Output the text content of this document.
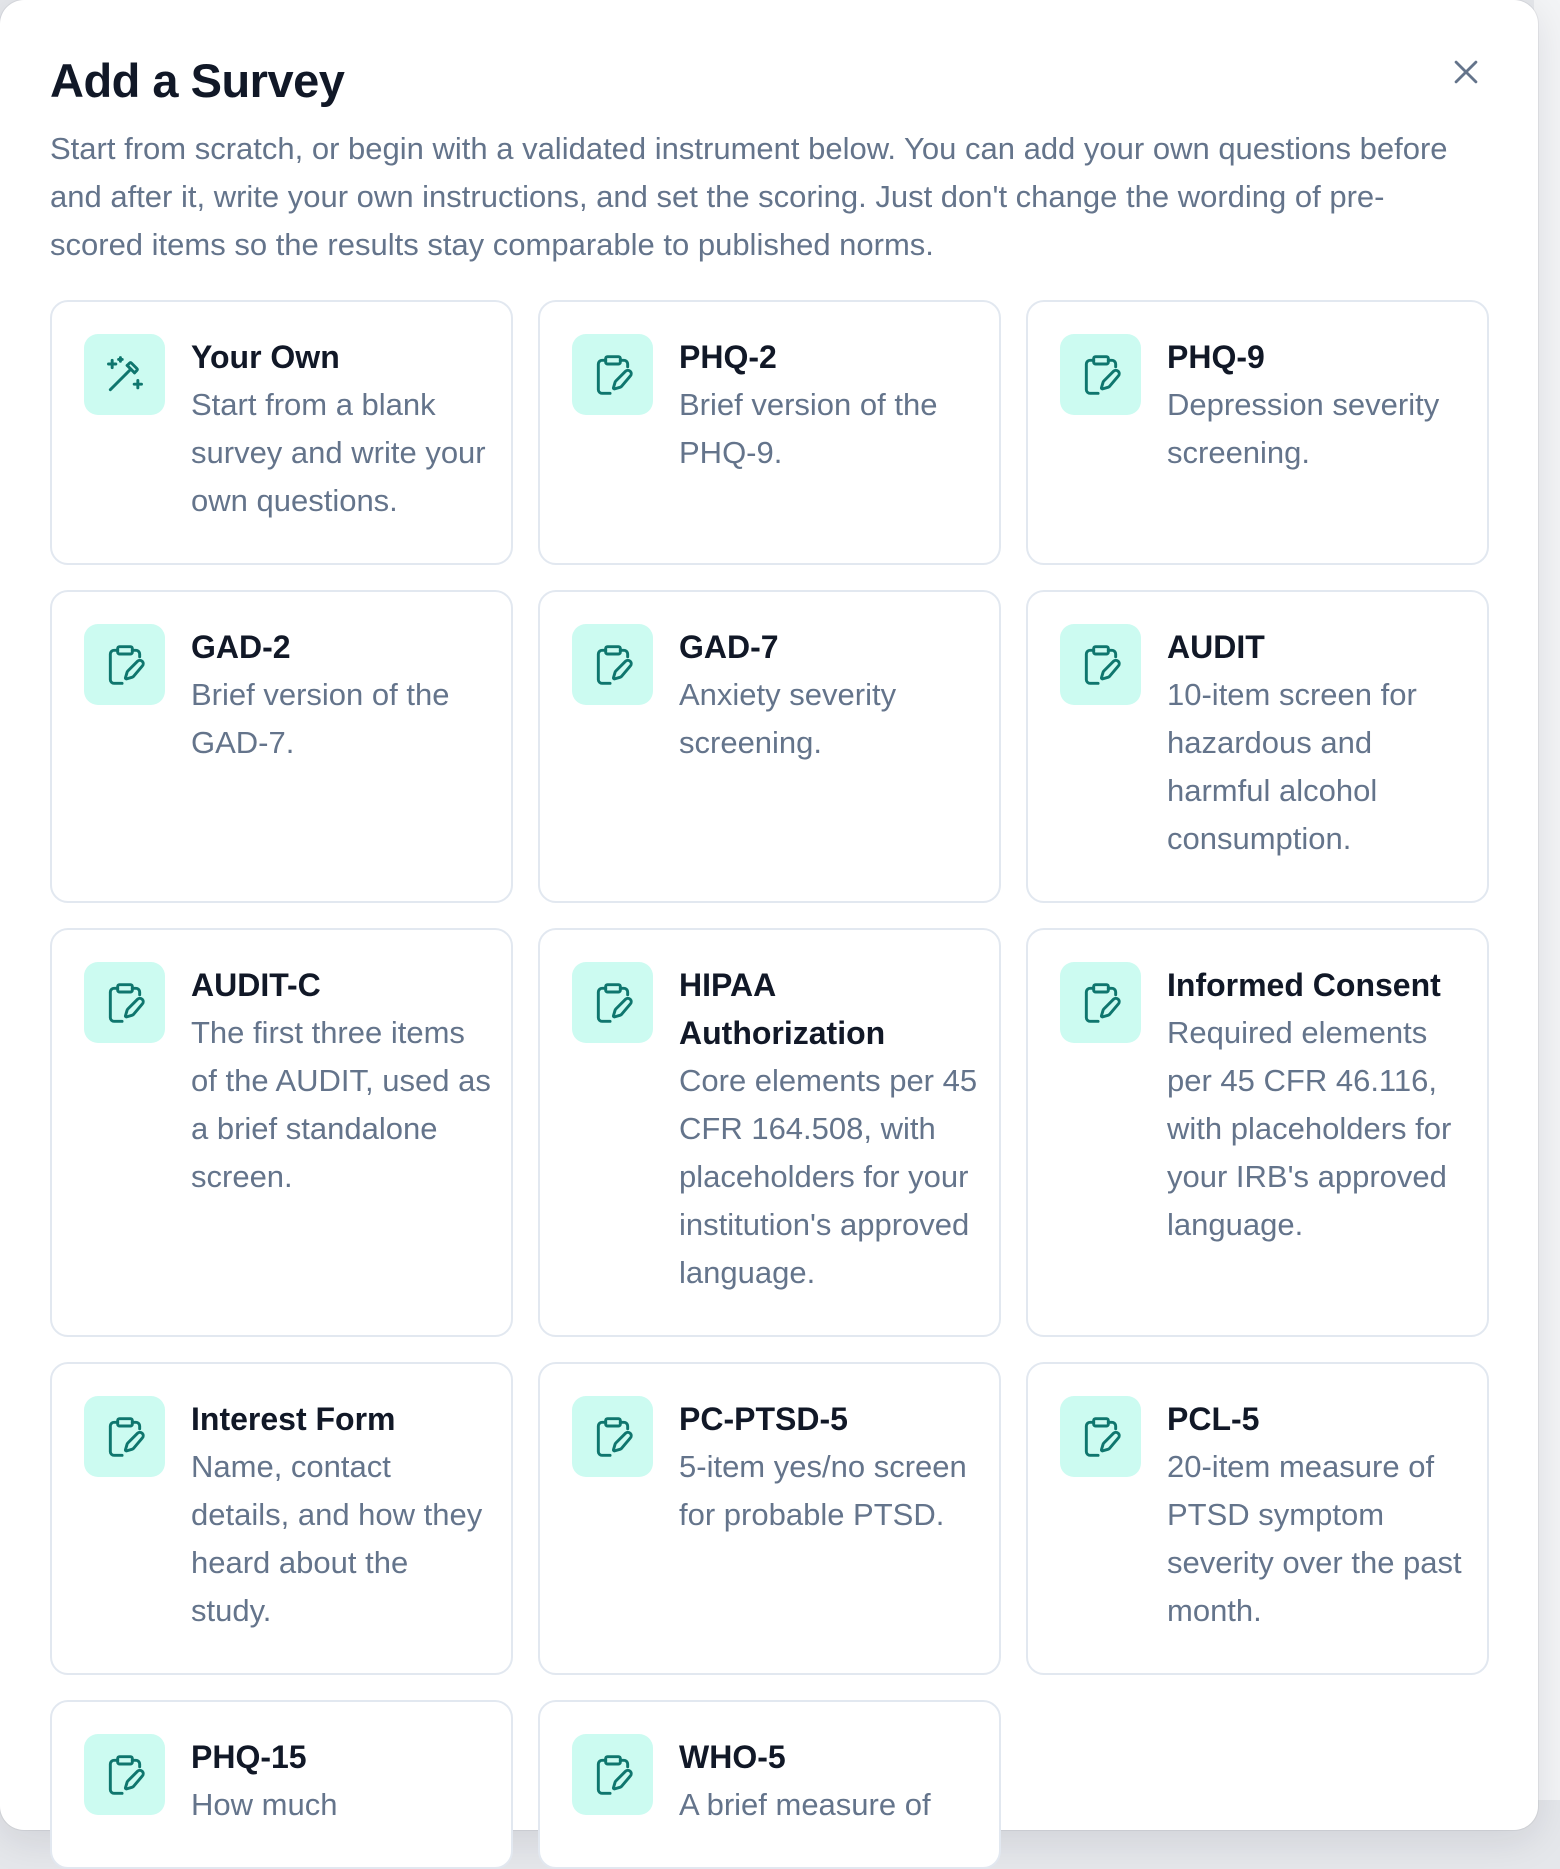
Add a Survey

Start from scratch, or begin with a validated instrument below. You can add your own questions before and after it, write your own instructions, and set the scoring. Just don't change the wording of pre-scored items so the results stay comparable to published norms.

Your Own
Start from a blank survey and write your own questions.
PHQ-2
Brief version of the PHQ-9.
PHQ-9
Depression severity screening.
GAD-2
Brief version of the GAD-7.
GAD-7
Anxiety severity screening.
AUDIT
10-item screen for hazardous and harmful alcohol consumption.
AUDIT-C
The first three items of the AUDIT, used as a brief standalone screen.
HIPAA Authorization
Core elements per 45 CFR 164.508, with placeholders for your institution's approved language.
Informed Consent
Required elements per 45 CFR 46.116, with placeholders for your IRB's approved language.
Interest Form
Name, contact details, and how they heard about the study.
PC-PTSD-5
5-item yes/no screen for probable PTSD.
PCL-5
20-item measure of PTSD symptom severity over the past month.
PHQ-15
How much
WHO-5
A brief measure of
